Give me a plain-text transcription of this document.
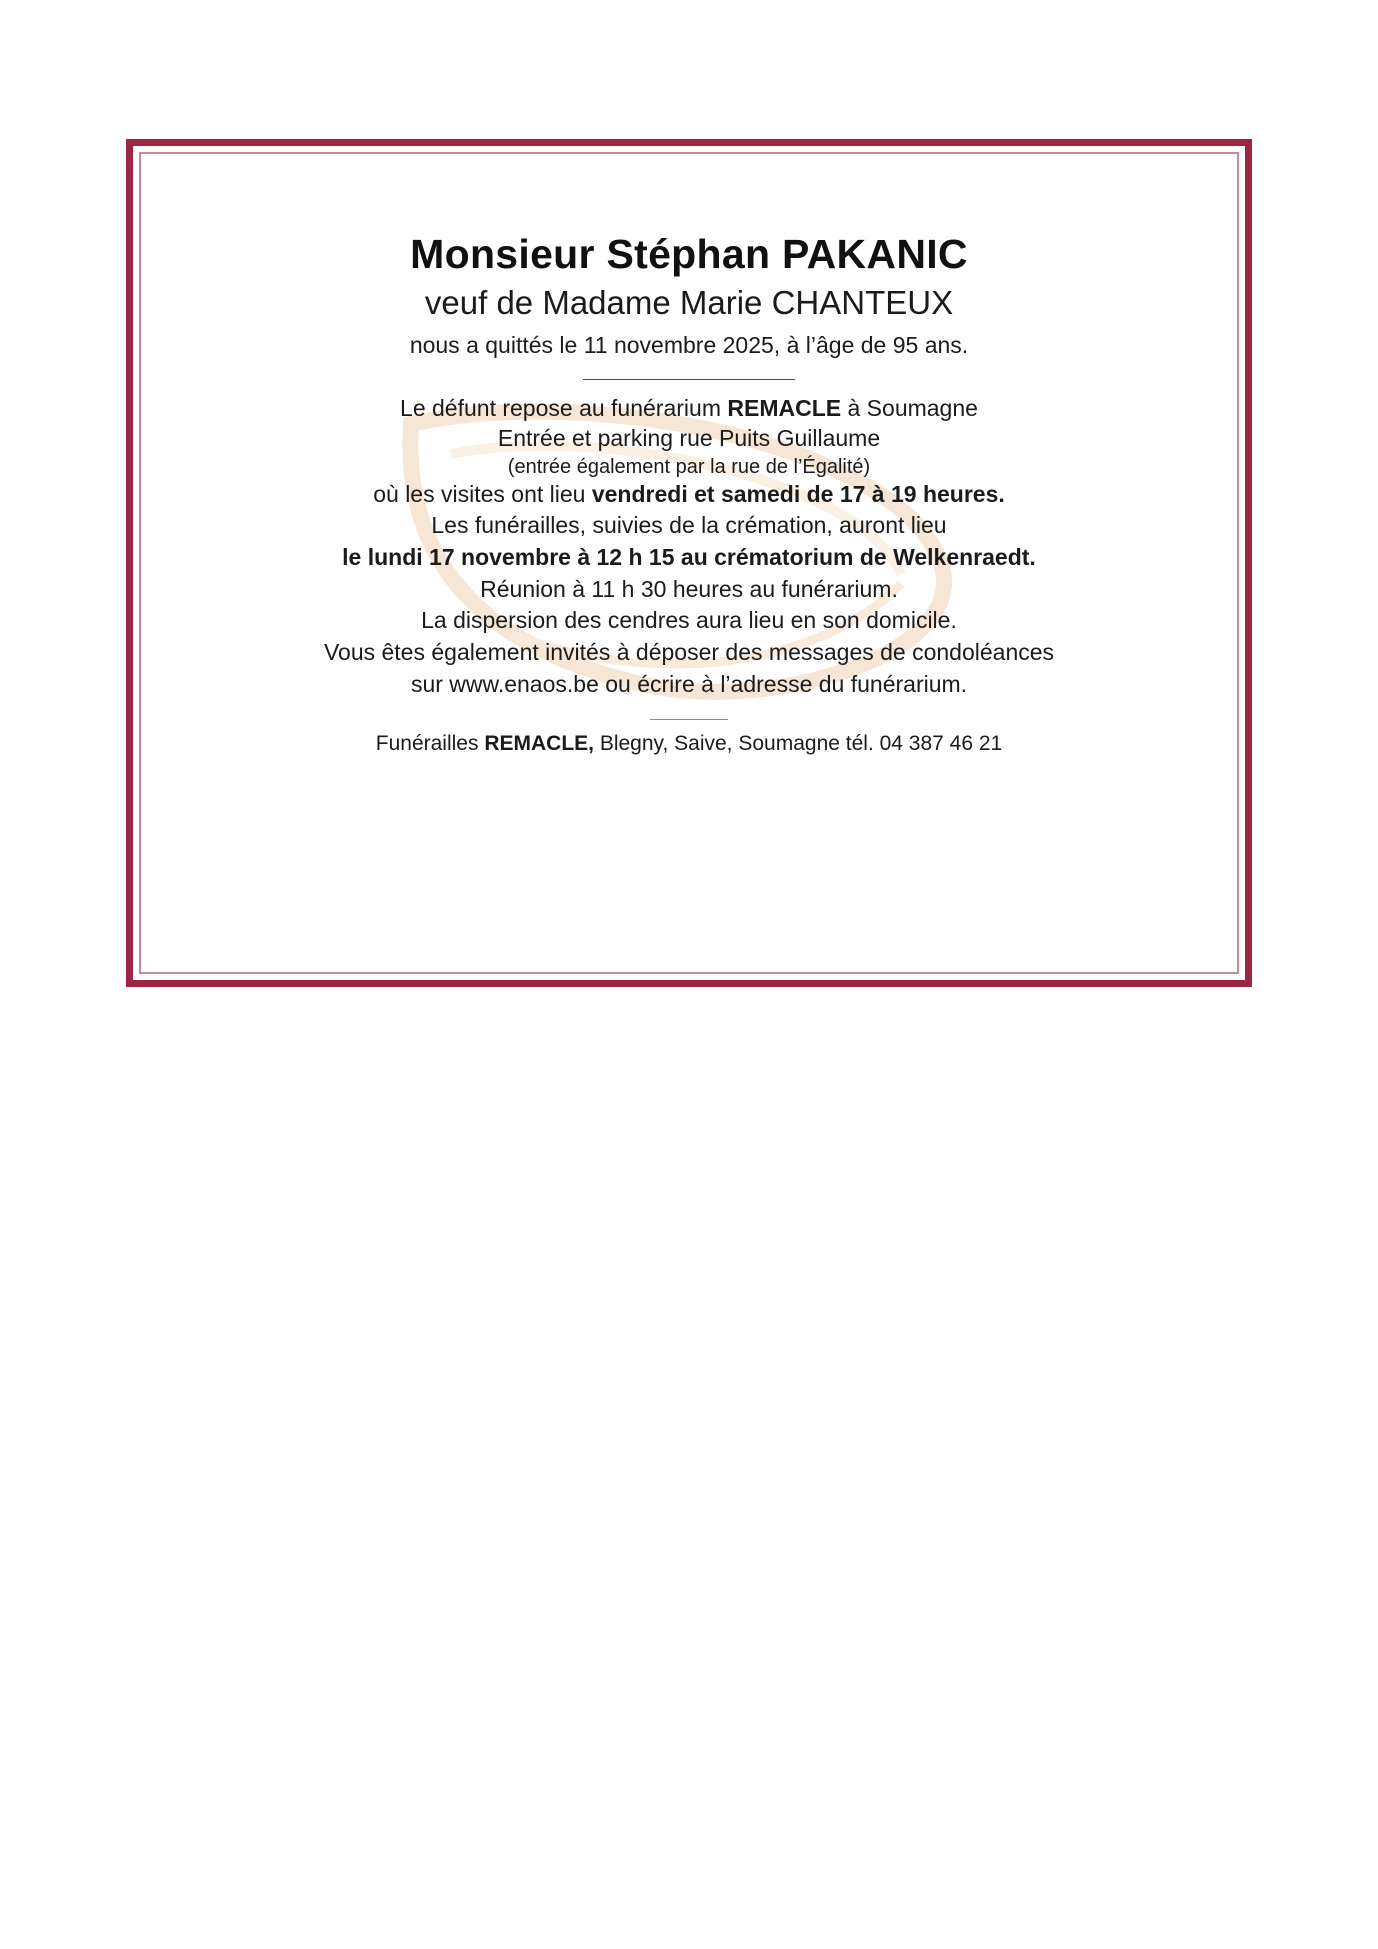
Monsieur Stéphan PAKANIC
veuf de Madame Marie CHANTEUX
nous a quittés le 11 novembre 2025, à l’âge de 95 ans.
Le défunt repose au funérarium REMACLE à Soumagne
Entrée et parking rue Puits Guillaume
(entrée également par la rue de l’Égalité)
où les visites ont lieu vendredi et samedi de 17 à 19 heures.
Les funérailles, suivies de la crémation, auront lieu
le lundi 17 novembre à 12 h 15 au crématorium de Welkenraedt.
Réunion à 11 h 30 heures au funérarium.
La dispersion des cendres aura lieu en son domicile.
Vous êtes également invités à déposer des messages de condoléances
sur www.enaos.be ou écrire à l’adresse du funérarium.
Funérailles REMACLE, Blegny, Saive, Soumagne tél. 04 387 46 21
